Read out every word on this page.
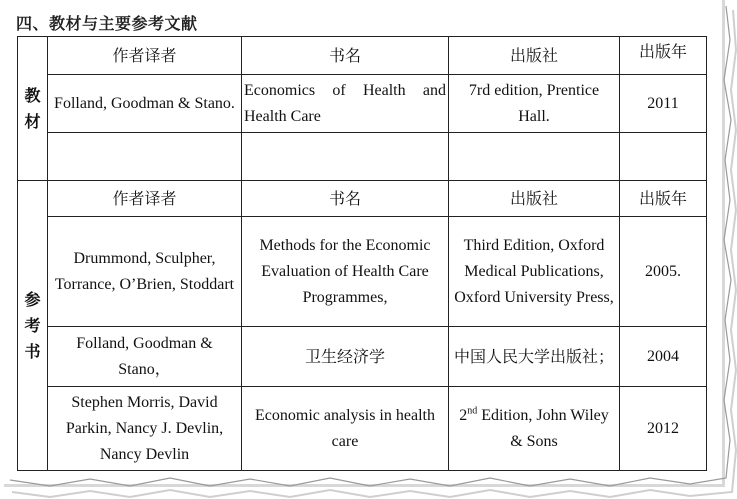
四、教材与主要参考文献
教材	作者译者	书名	出版社	出版年
	Folland, Goodman & Stano.	Economics of Health and Health Care	7rd edition, Prentice Hall.	2011

参考书	作者译者	书名	出版社	出版年
	Drummond, Sculpher, Torrance, O’Brien, Stoddart	Methods for the Economic Evaluation of Health Care Programmes,	Third Edition, Oxford Medical Publications, Oxford University Press,	2005.
	Folland, Goodman & Stano，	卫生经济学	中国人民大学出版社；	2004
	Stephen Morris, David Parkin, Nancy J. Devlin, Nancy Devlin	Economic analysis in health care	2nd Edition, John Wiley & Sons	2012
